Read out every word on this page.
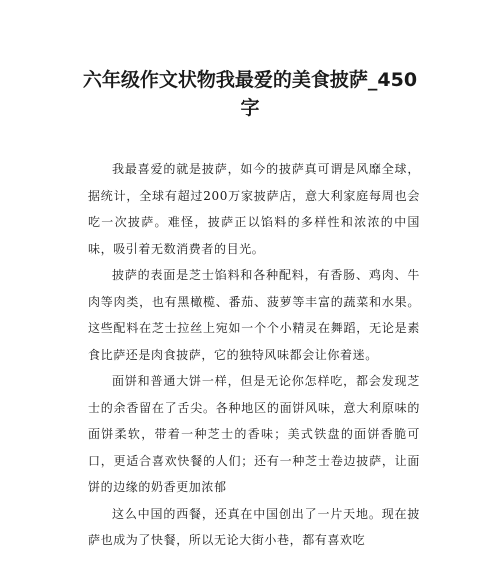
六年级作文状物我最爱的美食披萨_450
字

我最喜爱的就是披萨，如今的披萨真可谓是风靡全球，据统计，全球有超过200万家披萨店，意大利家庭每周也会吃一次披萨。难怪，披萨正以馅料的多样性和浓浓的中国味，吸引着无数消费者的目光。

披萨的表面是芝士馅料和各种配料，有香肠、鸡肉、牛肉等肉类，也有黑橄榄、番茄、菠萝等丰富的蔬菜和水果。这些配料在芝士拉丝上宛如一个个小精灵在舞蹈，无论是素食比萨还是肉食披萨，它的独特风味都会让你着迷。

面饼和普通大饼一样，但是无论你怎样吃，都会发现芝士的余香留在了舌尖。各种地区的面饼风味，意大利原味的面饼柔软，带着一种芝士的香味；美式铁盘的面饼香脆可口，更适合喜欢快餐的人们；还有一种芝士卷边披萨，让面饼的边缘的奶香更加浓郁

这么中国的西餐，还真在中国创出了一片天地。现在披萨也成为了快餐，所以无论大街小巷，都有喜欢吃
